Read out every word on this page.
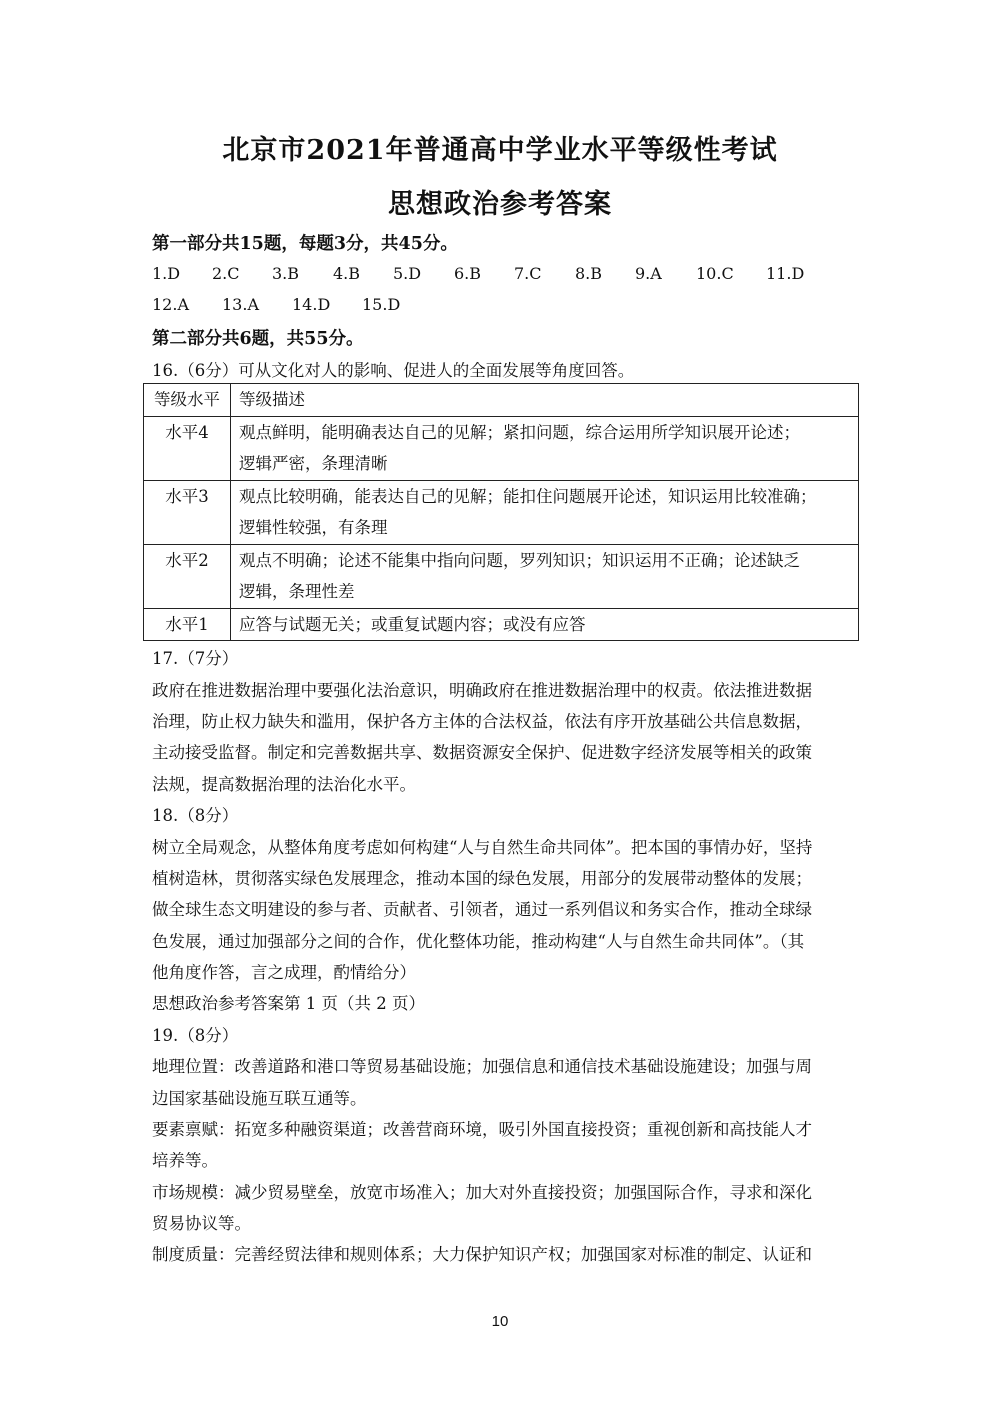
北京市2021年普通高中学业水平等级性考试
思想政治参考答案
第一部分共15题，每题3分，共45分。
1.D 2.C 3.B 4.B 5.D 6.B 7.C 8.B 9.A 10.C 11.D
12.A 13.A 14.D 15.D
第二部分共6题，共55分。
16.（6分）可从文化对人的影响、促进人的全面发展等角度回答。
等级水平	等级描述
水平4	观点鲜明，能明确表达自己的见解；紧扣问题，综合运用所学知识展开论述；
逻辑严密，条理清晰

水平3	观点比较明确，能表达自己的见解；能扣住问题展开论述，知识运用比较准确；
逻辑性较强，有条理

水平2	观点不明确；论述不能集中指向问题，罗列知识；知识运用不正确；论述缺乏
逻辑，条理性差

水平1	应答与试题无关；或重复试题内容；或没有应答
17.（7分）
政府在推进数据治理中要强化法治意识，明确政府在推进数据治理中的权责。依法推进数据
治理，防止权力缺失和滥用，保护各方主体的合法权益，依法有序开放基础公共信息数据，
主动接受监督。制定和完善数据共享、数据资源安全保护、促进数字经济发展等相关的政策
法规，提高数据治理的法治化水平。
18.（8分）
树立全局观念，从整体角度考虑如何构建“人与自然生命共同体”。把本国的事情办好，坚持
植树造林，贯彻落实绿色发展理念，推动本国的绿色发展，用部分的发展带动整体的发展；
做全球生态文明建设的参与者、贡献者、引领者，通过一系列倡议和务实合作，推动全球绿
色发展，通过加强部分之间的合作，优化整体功能，推动构建“人与自然生命共同体”。（其
他角度作答，言之成理，酌情给分）
思想政治参考答案第 1 页（共 2 页）
19.（8分）
地理位置：改善道路和港口等贸易基础设施；加强信息和通信技术基础设施建设；加强与周
边国家基础设施互联互通等。
要素禀赋：拓宽多种融资渠道；改善营商环境，吸引外国直接投资；重视创新和高技能人才
培养等。
市场规模：减少贸易壁垒，放宽市场准入；加大对外直接投资；加强国际合作，寻求和深化
贸易协议等。
制度质量：完善经贸法律和规则体系；大力保护知识产权；加强国家对标准的制定、认证和
10
